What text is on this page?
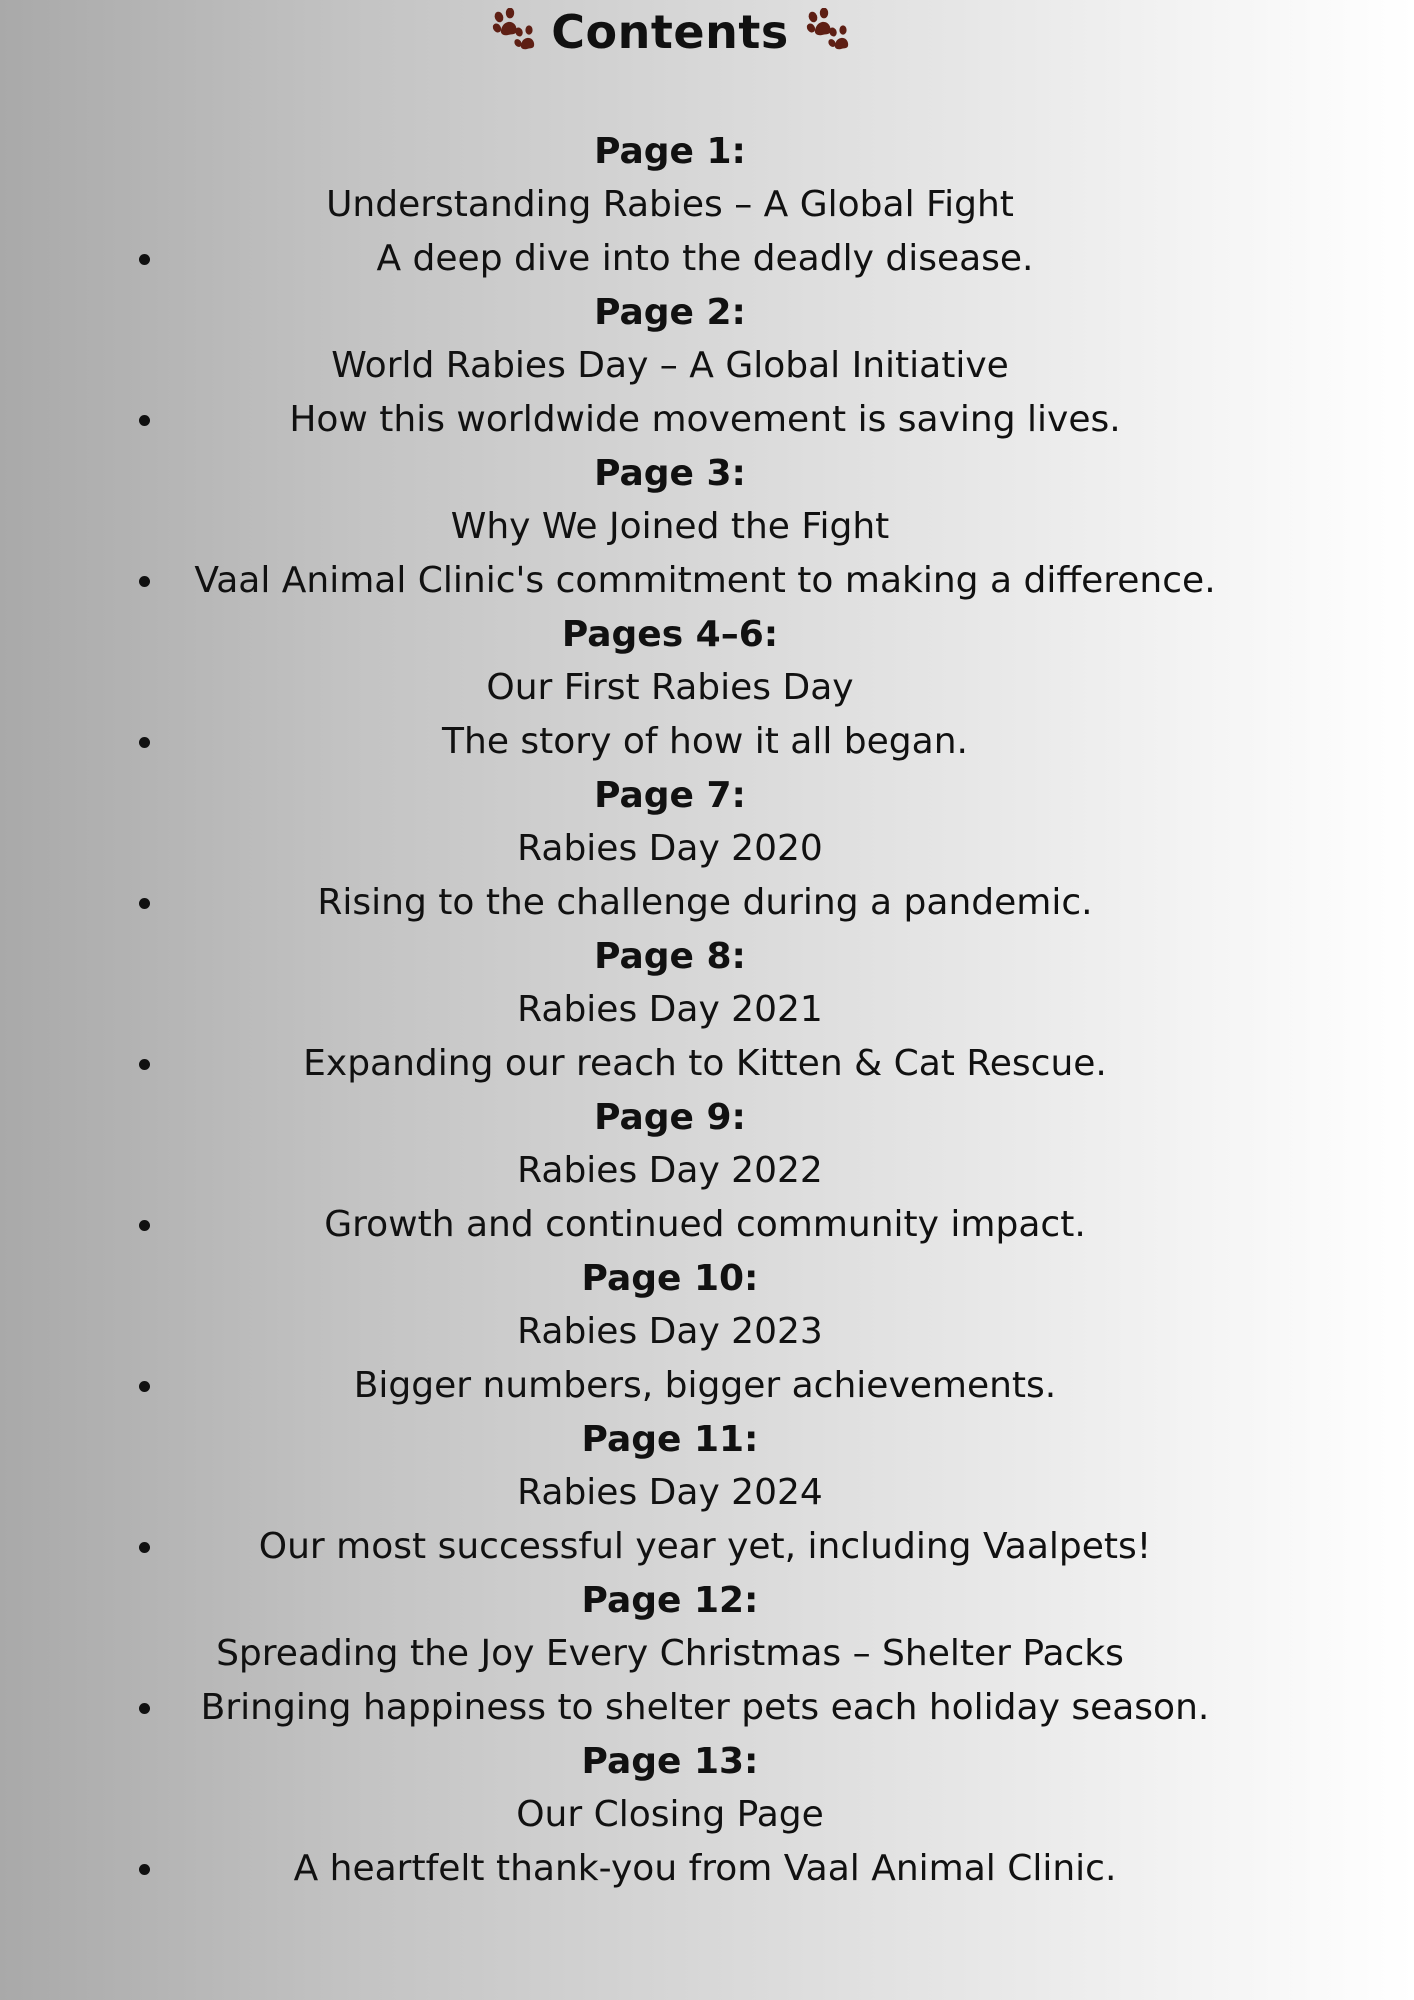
Contents
Page 1:
Understanding Rabies – A Global Fight
A deep dive into the deadly disease.
Page 2:
World Rabies Day – A Global Initiative
How this worldwide movement is saving lives.
Page 3:
Why We Joined the Fight
Vaal Animal Clinic's commitment to making a difference.
Pages 4–6:
Our First Rabies Day
The story of how it all began.
Page 7:
Rabies Day 2020
Rising to the challenge during a pandemic.
Page 8:
Rabies Day 2021
Expanding our reach to Kitten & Cat Rescue.
Page 9:
Rabies Day 2022
Growth and continued community impact.
Page 10:
Rabies Day 2023
Bigger numbers, bigger achievements.
Page 11:
Rabies Day 2024
Our most successful year yet, including Vaalpets!
Page 12:
Spreading the Joy Every Christmas – Shelter Packs
Bringing happiness to shelter pets each holiday season.
Page 13:
Our Closing Page
A heartfelt thank-you from Vaal Animal Clinic.
